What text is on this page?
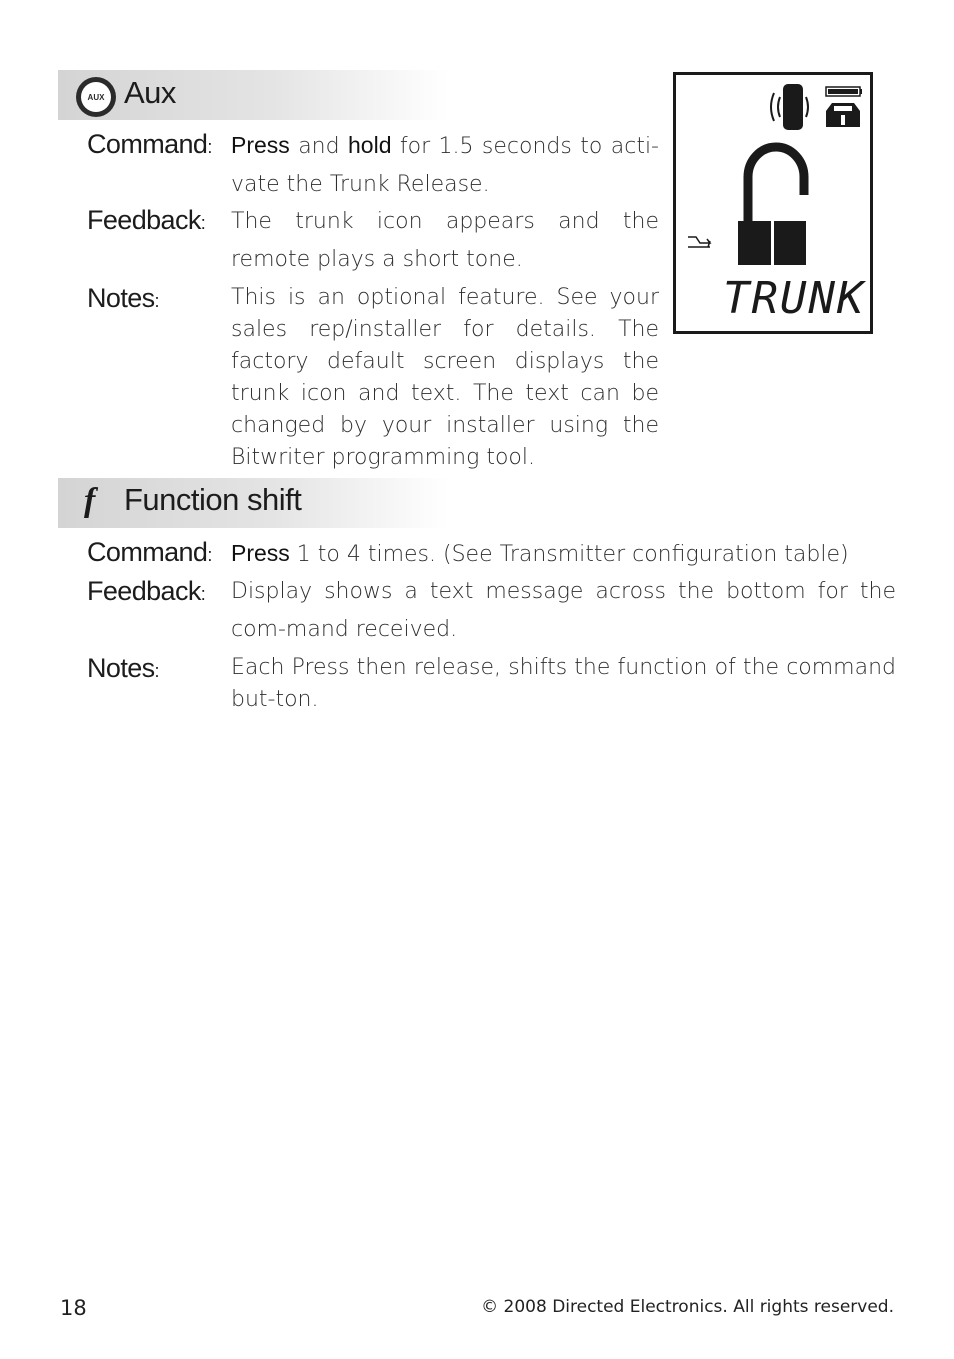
AUX Aux
Command: Press and hold for 1.5 seconds to acti-vate the Trunk Release.
Feedback: The trunk icon appears and the remote plays a short tone.
Notes:	This is an optional feature. See your sales rep/installer for details. The factory default screen displays the trunk icon and text. The text can be changed by your installer using the Bitwriter programming tool.
TRUNK
f Function shift
Command: Press 1 to 4 times. (See Transmitter configuration table)
Feedback: Display shows a text message across the bottom for the com-mand received.
Notes:	Each Press then release, shifts the function of the command but-ton.
18	© 2008 Directed Electronics. All rights reserved.
